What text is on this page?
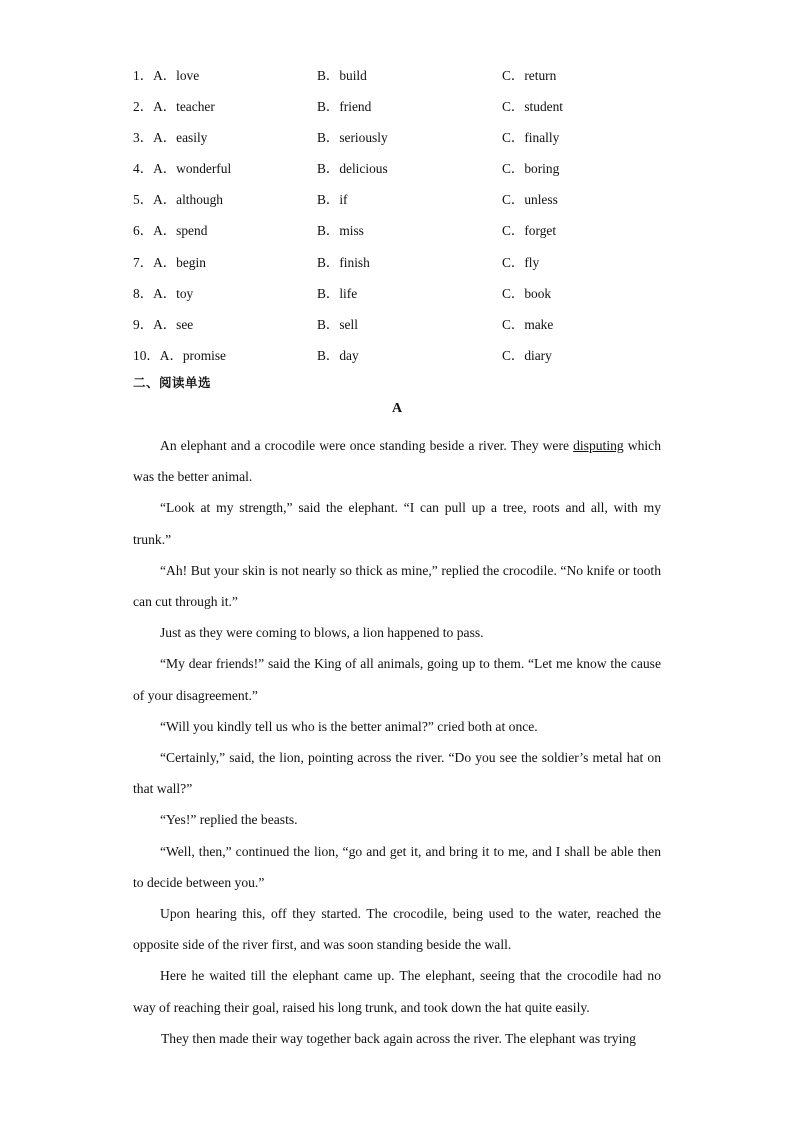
1．A．love	B．build	C．return
2．A．teacher	B．friend	C．student
3．A．easily	B．seriously	C．finally
4．A．wonderful	B．delicious	C．boring
5．A．although	B．if	C．unless
6．A．spend	B．miss	C．forget
7．A．begin	B．finish	C．fly
8．A．toy	B．life	C．book
9．A．see	B．sell	C．make
10．A．promise	B．day	C．diary
二、阅读单选
A

An elephant and a crocodile were once standing beside a river. They were disputing which was the better animal.

“Look at my strength,” said the elephant. “I can pull up a tree, roots and all, with my trunk.”

“Ah! But your skin is not nearly so thick as mine,” replied the crocodile. “No knife or tooth can cut through it.”

Just as they were coming to blows, a lion happened to pass.

“My dear friends!” said the King of all animals, going up to them. “Let me know the cause of your disagreement.”

“Will you kindly tell us who is the better animal?” cried both at once.

“Certainly,” said, the lion, pointing across the river. “Do you see the soldier’s metal hat on that wall?”

“Yes!” replied the beasts.

“Well, then,” continued the lion, “go and get it, and bring it to me, and I shall be able then to decide between you.”

Upon hearing this, off they started. The crocodile, being used to the water, reached the opposite side of the river first, and was soon standing beside the wall.

Here he waited till the elephant came up. The elephant, seeing that the crocodile had no way of reaching their goal, raised his long trunk, and took down the hat quite easily.

They then made their way together back again across the river. The elephant was trying
